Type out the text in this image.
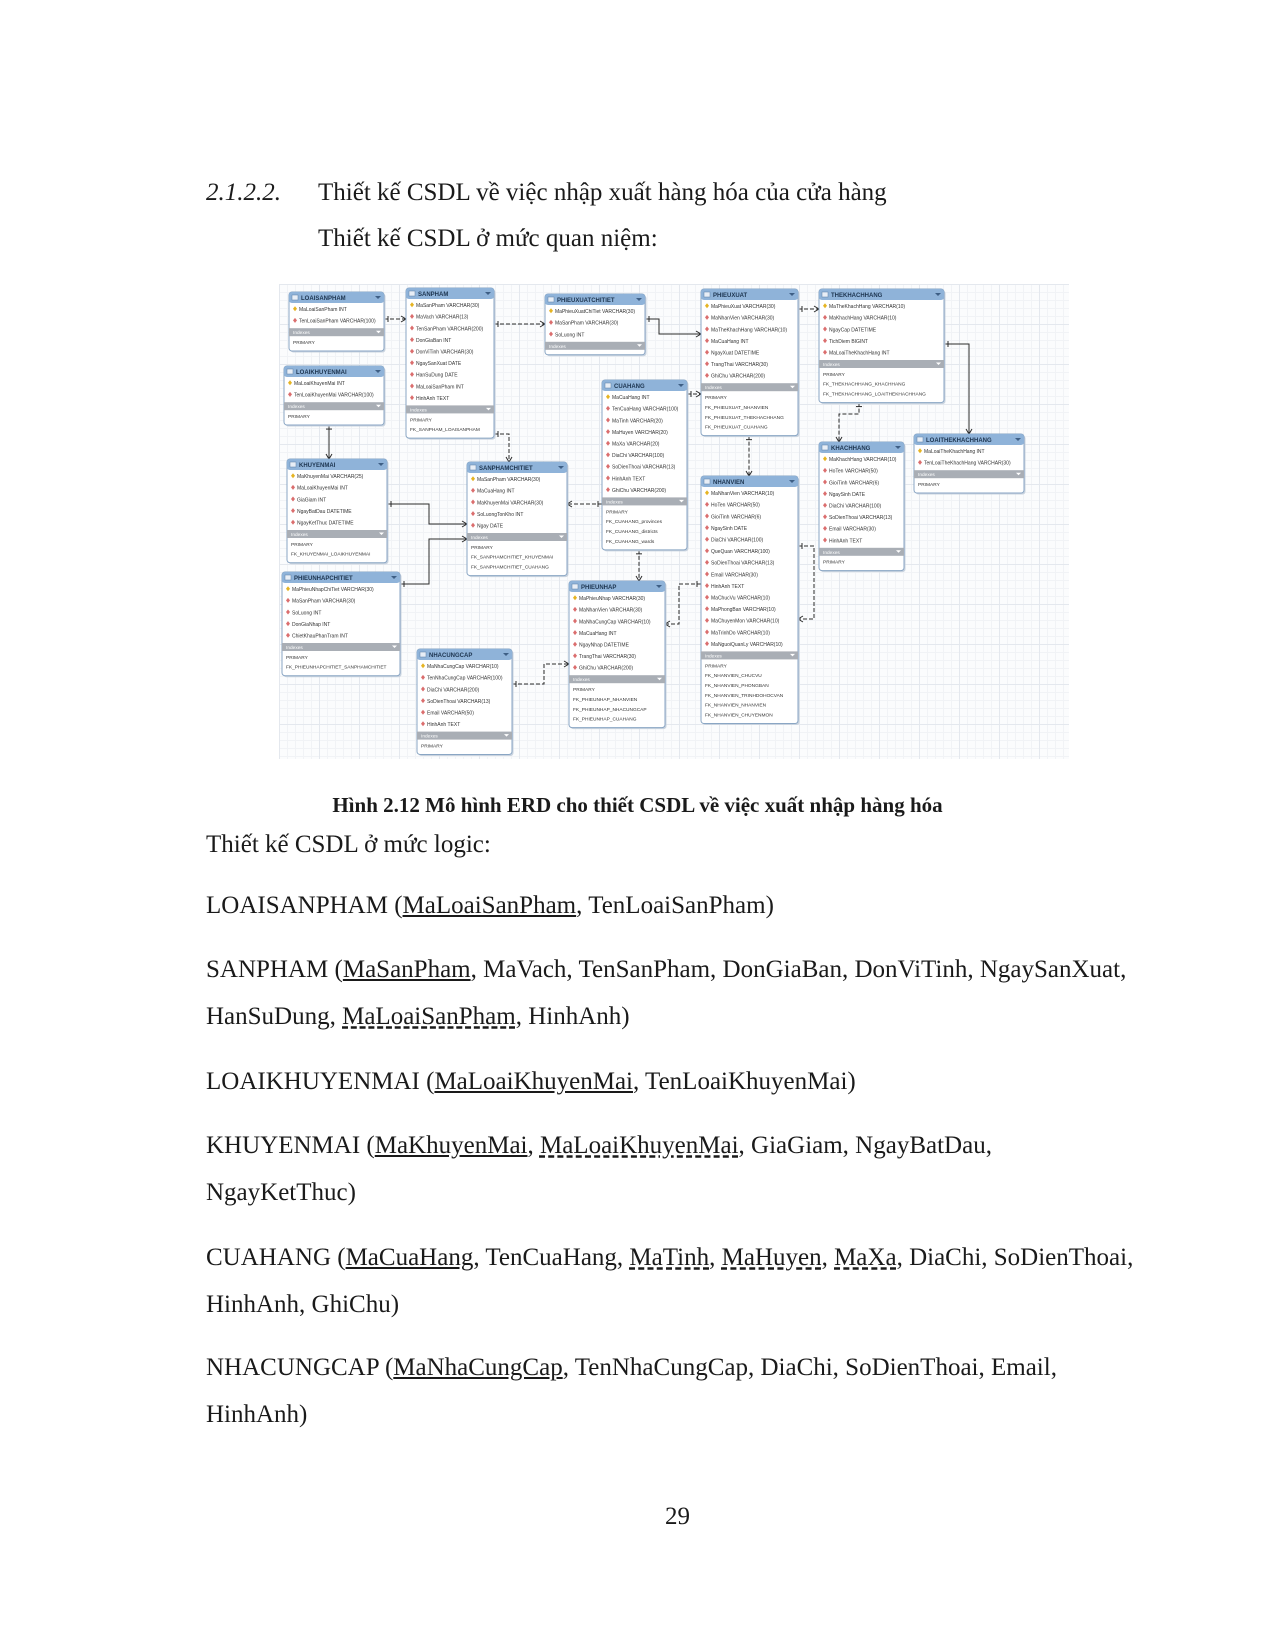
2.1.2.2. Thiết kế CSDL về việc nhập xuất hàng hóa của cửa hàng
Thiết kế CSDL ở mức quan niệm:
LOAISANPHAM
MaLoaiSanPham INT
TenLoaiSanPham VARCHAR(100)
Indexes
PRIMARY
LOAIKHUYENMAI
MaLoaiKhuyenMai INT
TenLoaiKhuyenMai VARCHAR(100)
Indexes
PRIMARY
KHUYENMAI
MaKhuyenMai VARCHAR(25)
MaLoaiKhuyenMai INT
GiaGiam INT
NgayBatDau DATETIME
NgayKetThuc DATETIME
Indexes
PRIMARY
FK_KHUYENMAI_LOAIKHUYENMAI
PHIEUNHAPCHITIET
MaPhieuNhapChiTiet VARCHAR(30)
MaSanPham VARCHAR(30)
SoLuong INT
DonGiaNhap INT
ChietKhauPhanTram INT
Indexes
PRIMARY
FK_PHIEUNHAPCHITIET_SANPHAMCHITIET
SANPHAM
MaSanPham VARCHAR(30)
MaVach VARCHAR(13)
TenSanPham VARCHAR(200)
DonGiaBan INT
DonViTinh VARCHAR(30)
NgaySanXuat DATE
HanSuDung DATE
MaLoaiSanPham INT
HinhAnh TEXT
Indexes
PRIMARY
FK_SANPHAM_LOAISANPHAM
SANPHAMCHITIET
MaSanPham VARCHAR(30)
MaCuaHang INT
MaKhuyenMai VARCHAR(30)
SoLuongTonKho INT
Ngay DATE
Indexes
PRIMARY
FK_SANPHAMCHITIET_KHUYENMAI
FK_SANPHAMCHITIET_CUAHANG
PHIEUXUATCHITIET
MaPhieuXuatChiTiet VARCHAR(30)
MaSanPham VARCHAR(30)
SoLuong INT
Indexes
CUAHANG
MaCuaHang INT
TenCuaHang VARCHAR(100)
MaTinh VARCHAR(20)
MaHuyen VARCHAR(20)
MaXa VARCHAR(20)
DiaChi VARCHAR(100)
SoDienThoai VARCHAR(13)
HinhAnh TEXT
GhiChu VARCHAR(200)
Indexes
PRIMARY
FK_CUAHANG_provinces
FK_CUAHANG_districts
FK_CUAHANG_wards
NHACUNGCAP
MaNhaCungCap VARCHAR(10)
TenNhaCungCap VARCHAR(100)
DiaChi VARCHAR(200)
SoDienThoai VARCHAR(13)
Email VARCHAR(50)
HinhAnh TEXT
Indexes
PRIMARY
PHIEUNHAP
MaPhieuNhap VARCHAR(30)
MaNhanVien VARCHAR(30)
MaNhaCungCap VARCHAR(10)
MaCuaHang INT
NgayNhap DATETIME
TrangThai VARCHAR(30)
GhiChu VARCHAR(200)
Indexes
PRIMARY
FK_PHIEUNHAP_NHANVIEN
FK_PHIEUNHAP_NHACUNGCAP
FK_PHIEUNHAP_CUAHANG
PHIEUXUAT
MaPhieuXuat VARCHAR(30)
MaNhanVien VARCHAR(30)
MaTheKhachHang VARCHAR(10)
MaCuaHang INT
NgayXuat DATETIME
TrangThai VARCHAR(30)
GhiChu VARCHAR(200)
Indexes
PRIMARY
FK_PHIEUXUAT_NHANVIEN
FK_PHIEUXUAT_THEKHACHHANG
FK_PHIEUXUAT_CUAHANG
NHANVIEN
MaNhanVien VARCHAR(10)
HoTen VARCHAR(50)
GioiTinh VARCHAR(6)
NgaySinh DATE
DiaChi VARCHAR(100)
QueQuan VARCHAR(100)
SoDienThoai VARCHAR(13)
Email VARCHAR(30)
HinhAnh TEXT
MaChucVu VARCHAR(10)
MaPhongBan VARCHAR(10)
MaChuyenMon VARCHAR(10)
MaTrinhDo VARCHAR(10)
MaNguoiQuanLy VARCHAR(10)
Indexes
PRIMARY
FK_NHANVIEN_CHUCVU
FK_NHANVIEN_PHONGBAN
FK_NHANVIEN_TRINHDOHOCVAN
FK_NHANVIEN_NHANVIEN
FK_NHANVIEN_CHUYENMON
THEKHACHHANG
MaTheKhachHang VARCHAR(10)
MaKhachHang VARCHAR(10)
NgayCap DATETIME
TichDiem BIGINT
MaLoaiTheKhachHang INT
Indexes
PRIMARY
FK_THEKHACHHANG_KHACHHANG
FK_THEKHACHHANG_LOAITHEKHACHHANG
KHACHHANG
MaKhachHang VARCHAR(10)
HoTen VARCHAR(50)
GioiTinh VARCHAR(6)
NgaySinh DATE
DiaChi VARCHAR(100)
SoDienThoai VARCHAR(13)
Email VARCHAR(30)
HinhAnh TEXT
Indexes
PRIMARY
LOAITHEKHACHHANG
MaLoaiTheKhachHang INT
TenLoaiTheKhachHang VARCHAR(30)
Indexes
PRIMARY
Hình 2.12 Mô hình ERD cho thiết CSDL về việc xuất nhập hàng hóa
Thiết kế CSDL ở mức logic:
LOAISANPHAM (MaLoaiSanPham, TenLoaiSanPham)
SANPHAM (MaSanPham, MaVach, TenSanPham, DonGiaBan, DonViTinh, NgaySanXuat, HanSuDung, MaLoaiSanPham, HinhAnh)
LOAIKHUYENMAI (MaLoaiKhuyenMai, TenLoaiKhuyenMai)
KHUYENMAI (MaKhuyenMai, MaLoaiKhuyenMai, GiaGiam, NgayBatDau, NgayKetThuc)
CUAHANG (MaCuaHang, TenCuaHang, MaTinh, MaHuyen, MaXa, DiaChi, SoDienThoai, HinhAnh, GhiChu)
NHACUNGCAP (MaNhaCungCap, TenNhaCungCap, DiaChi, SoDienThoai, Email, HinhAnh)
29
